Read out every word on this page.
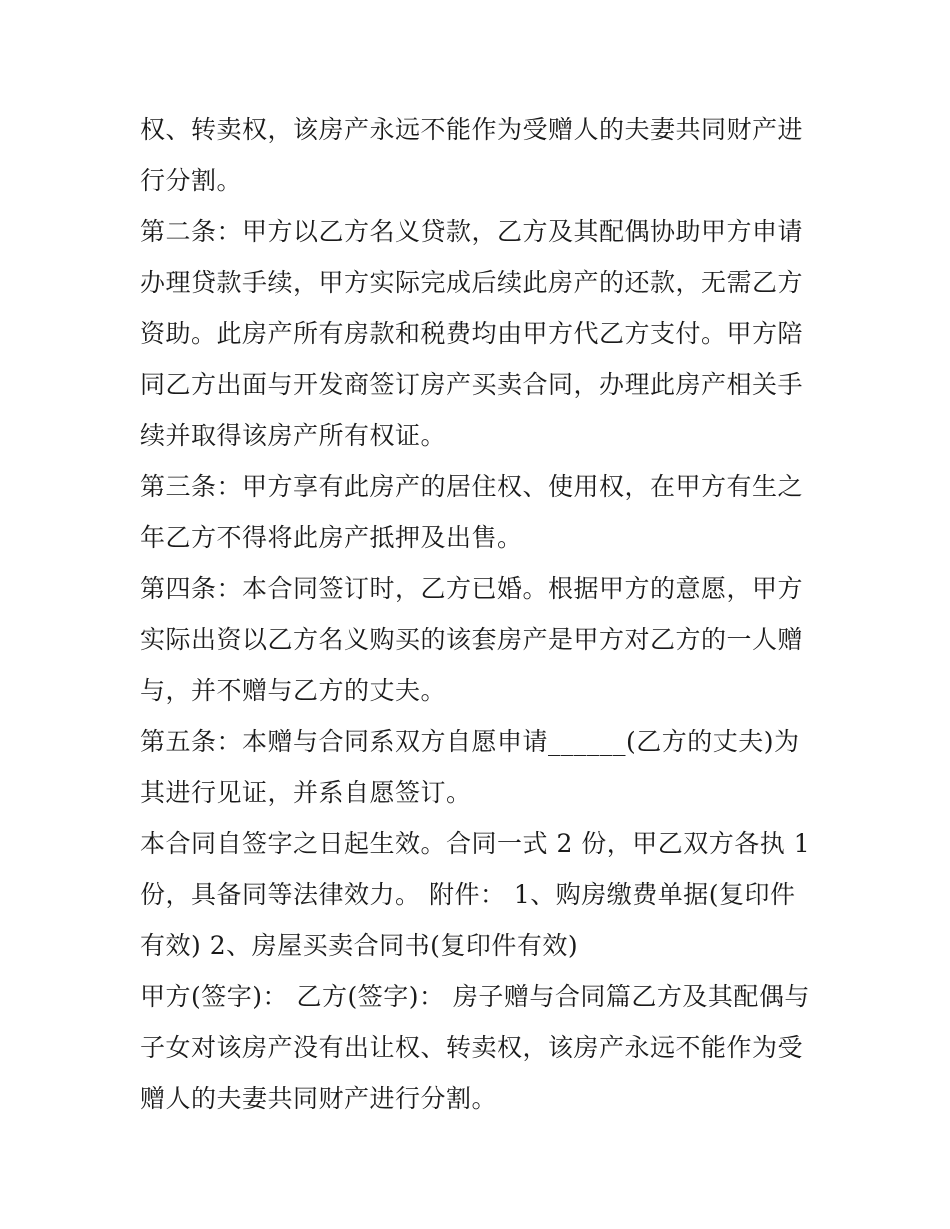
权、转卖权，该房产永远不能作为受赠人的夫妻共同财产进行分割。

第二条：甲方以乙方名义贷款，乙方及其配偶协助甲方申请办理贷款手续，甲方实际完成后续此房产的还款，无需乙方资助。此房产所有房款和税费均由甲方代乙方支付。甲方陪同乙方出面与开发商签订房产买卖合同，办理此房产相关手续并取得该房产所有权证。

第三条：甲方享有此房产的居住权、使用权，在甲方有生之年乙方不得将此房产抵押及出售。

第四条：本合同签订时，乙方已婚。根据甲方的意愿，甲方实际出资以乙方名义购买的该套房产是甲方对乙方的一人赠与，并不赠与乙方的丈夫。

第五条：本赠与合同系双方自愿申请______(乙方的丈夫)为其进行见证，并系自愿签订。

本合同自签字之日起生效。合同一式 2 份，甲乙双方各执 1 份，具备同等法律效力。 附件： 1、购房缴费单据(复印件有效) 2、房屋买卖合同书(复印件有效)

甲方(签字)： 乙方(签字)： 房子赠与合同篇乙方及其配偶与子女对该房产没有出让权、转卖权，该房产永远不能作为受赠人的夫妻共同财产进行分割。
